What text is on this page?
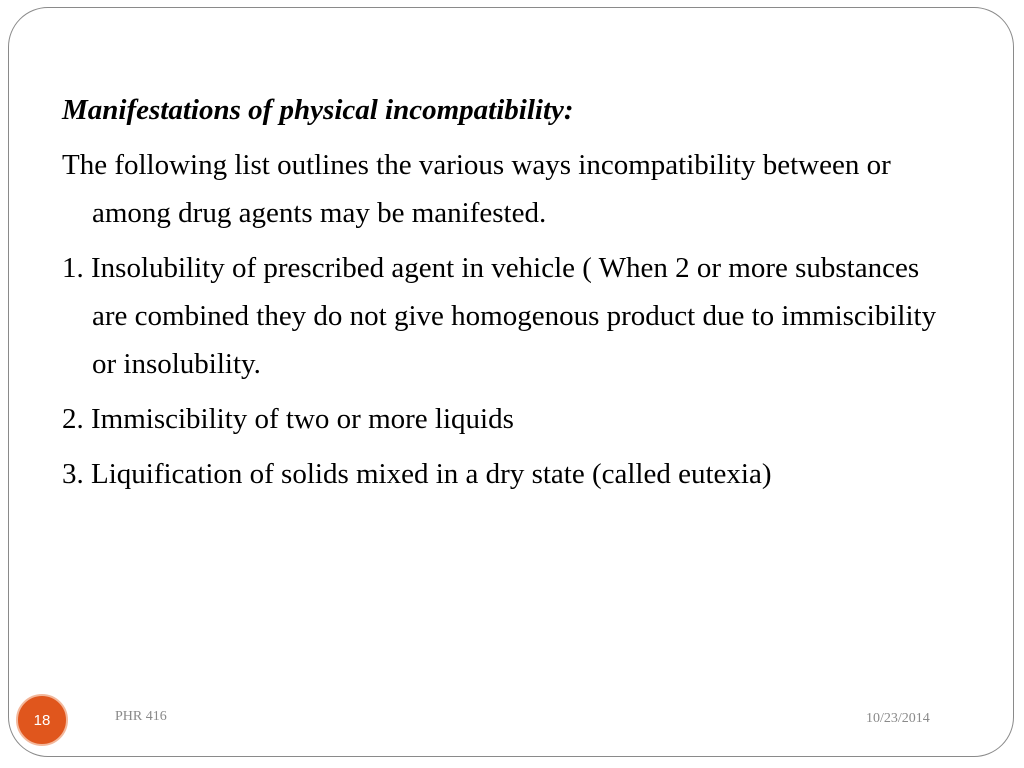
Manifestations of physical incompatibility:

The following list outlines the various ways incompatibility between or among drug agents may be manifested.

1. Insolubility of prescribed agent in vehicle ( When 2 or more substances are combined they do not give homogenous product due to immiscibility or insolubility.

2. Immiscibility of two or more liquids

3. Liquification of solids mixed in a dry state (called eutexia)

18	PHR 416	10/23/2014
